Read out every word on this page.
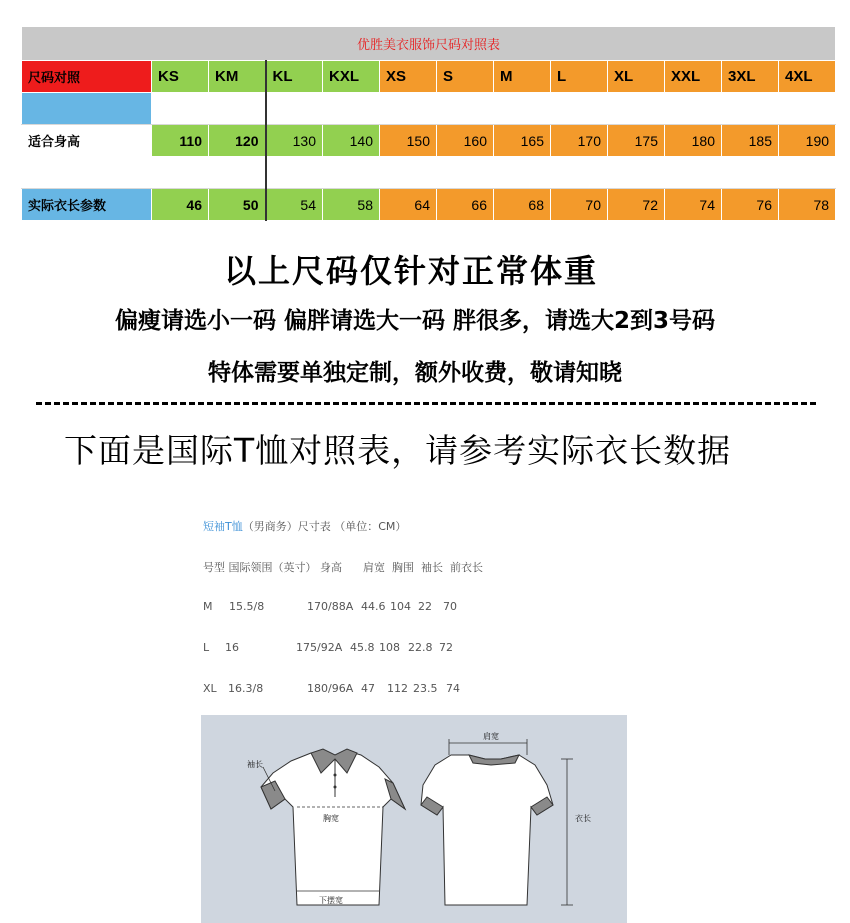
优胜美衣服饰尺码对照表												
尺码对照	KS	KM	KL	KXL	XS	S	M	L	XL	XXL	3XL	4XL

适合身高	110	120	130	140	150	160	165	170	175	180	185	190

实际衣长参数	46	50	54	58	64	66	68	70	72	74	76	78
以上尺码仅针对正常体重
偏瘦请选小一码 偏胖请选大一码 胖很多，请选大2到3号码
特体需要单独定制，额外收费，敬请知晓
下面是国际T恤对照表，请参考实际衣长数据
短袖T恤（男商务）尺寸表 （单位：CM）
号型 国际领围（英寸） 身高      肩宽  胸围  袖长  前衣长
M 15.5/8	170/88A 44.6 104 22 70
L 16	175/92A 45.8 108 22.8 72
XL 16.3/8	180/96A 47 112 23.5 74
袖长
胸宽
下摆宽
肩宽
衣长
